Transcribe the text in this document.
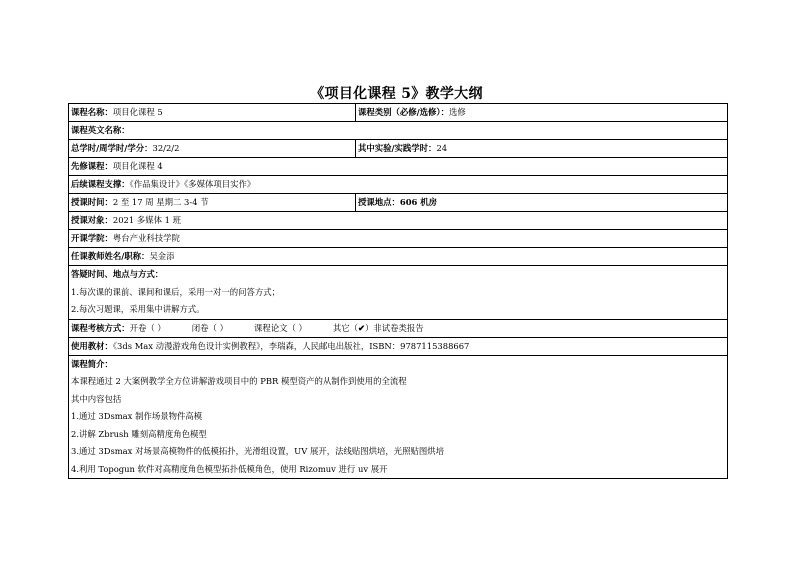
《项目化课程 5》教学大纲
课程名称：项目化课程 5	课程类别（必修/选修）：选修
课程英文名称：
总学时/周学时/学分：32/2/2	其中实验/实践学时：24
先修课程：项目化课程 4
后续课程支撑：《作品集设计》《多媒体项目实作》
授课时间：2 至 17 周 星期二 3-4 节	授课地点：606 机房
授课对象：2021 多媒体 1 班
开课学院：粤台产业科技学院
任课教师姓名/职称：吴金添
答疑时间、地点与方式：
1.每次课的课前、课间和课后，采用一对一的问答方式；
2.每次习题课，采用集中讲解方式。
课程考核方式：开卷（ ）	闭卷（ ）	课程论文（ ）	其它（✔）非试卷类报告
使用教材：《3ds Max 动漫游戏角色设计实例教程》，李瑞森，人民邮电出版社，ISBN：9787115388667
课程简介：
本课程通过 2 大案例教学全方位讲解游戏项目中的 PBR 模型资产的从制作到使用的全流程
其中内容包括
1.通过 3Dsmax 制作场景物件高模
2.讲解 Zbrush 雕刻高精度角色模型
3.通过 3Dsmax 对场景高模物件的低模拓扑，光滑组设置，UV 展开，法线贴图烘培，光照贴图烘培
4.利用 Topogun 软件对高精度角色模型拓扑低模角色，使用 Rizomuv 进行 uv 展开
